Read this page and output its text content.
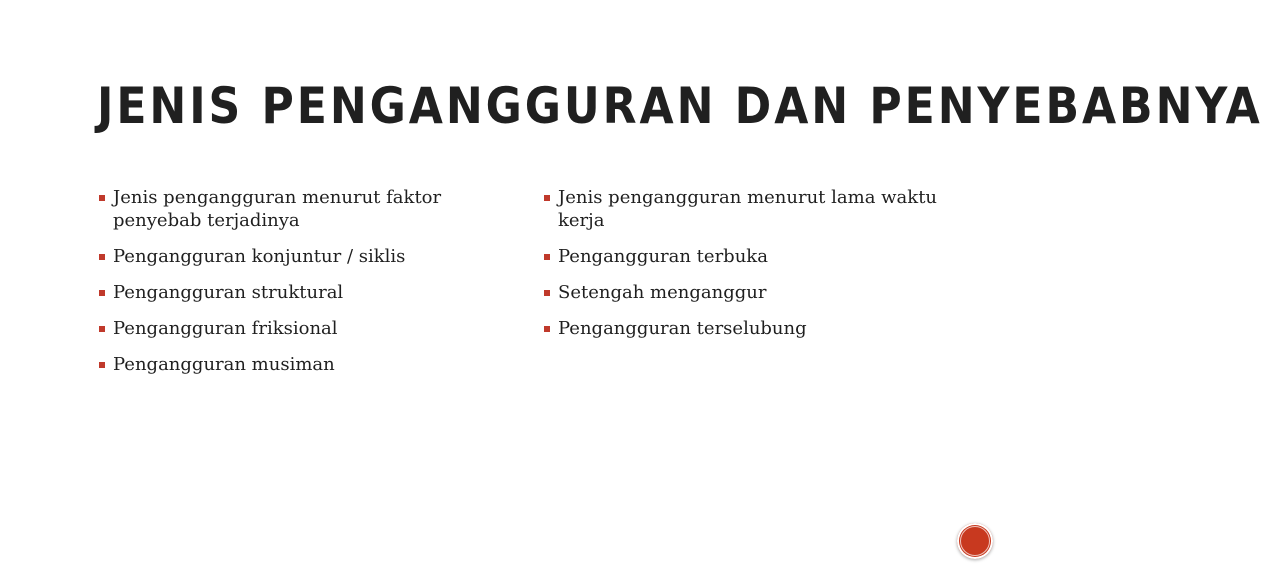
JENIS PENGANGGURAN DAN PENYEBABNYA
Jenis pengangguran menurut faktor penyebab terjadinya
Pengangguran konjuntur / siklis
Pengangguran struktural
Pengangguran friksional
Pengangguran musiman
Jenis pengangguran menurut lama waktu kerja
Pengangguran terbuka
Setengah menganggur
Pengangguran terselubung
